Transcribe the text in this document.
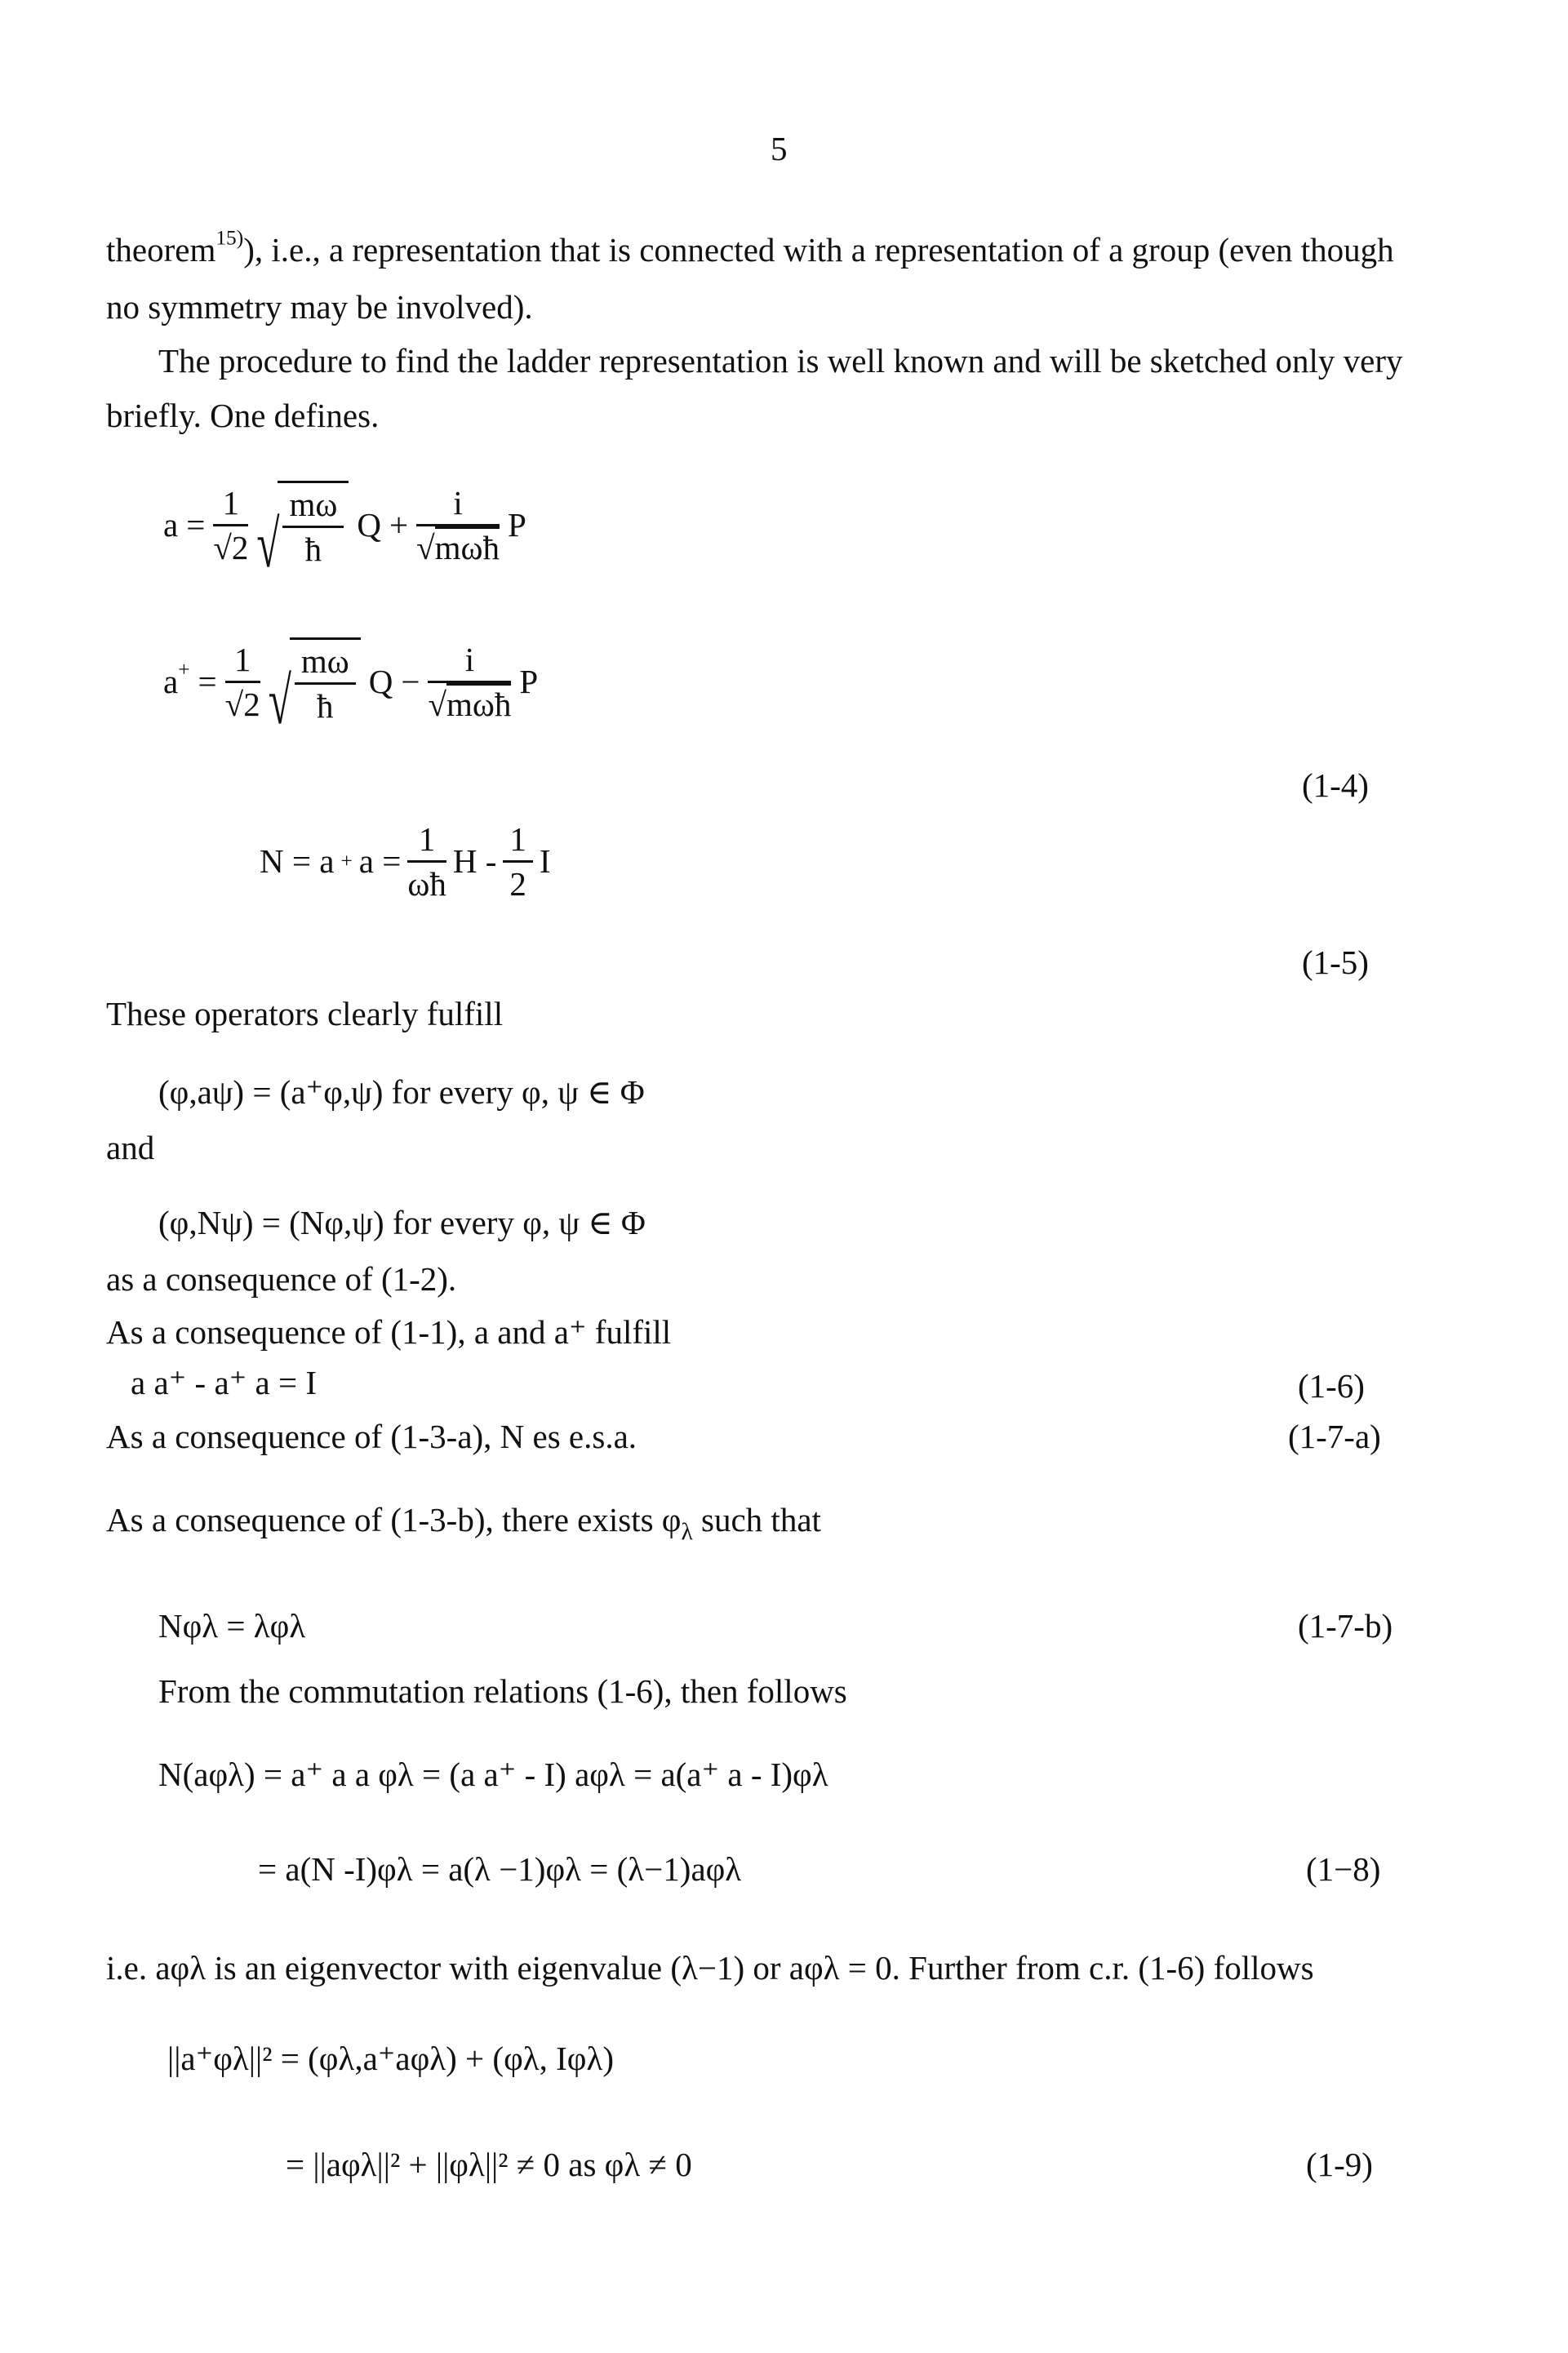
5
theorem$^{15)}$), i.e., a representation that is connected with a representation of a group (even though
no symmetry may be involved).
The procedure to find the ladder representation is well known and will be sketched only very
briefly. One defines.
$a = \frac{1}{√2}$ √ $\frac{m\omega}{ħ}$ $Q + \frac{i}{\text{√mωħ}}$ P
$a^+ = \frac{1}{√2}$ √ $\frac{m\omega}{ħ}$ $Q - \frac{i}{\text{√mωħ}}$ P
(1-4)
$N = a + a = \frac{1}{\omega ħ}$ H - $\frac{1}{2}$ I
(1-5)
These operators clearly fulfill
(φ,aψ) = (a⁺φ,ψ) for every φ, ψ ∈ Φ
and
(φ,Nψ) = (Nφ,ψ) for every φ, ψ ∈ Φ
as a consequence of (1-2).
As a consequence of (1-1), a and a⁺ fulfill
a a⁺ - a⁺ a = I	(1-6)
As a consequence of (1-3-a), N es e.s.a.	(1-7-a)
As a consequence of (1-3-b), there exists $\varphi_\lambda$ such that
Nφλ = λφλ	(1-7-b)
From the commutation relations (1-6), then follows
N(aφλ) = a⁺ a a φλ = (a a⁺ - I) aφλ = a(a⁺ a - I)φλ
= a(N -I)φλ = a(λ −1)φλ = (λ−1)aφλ	(1−8)
i.e. aφλ is an eigenvector with eigenvalue (λ−1) or aφλ = 0. Further from c.r. (1-6) follows
||a⁺φλ||² = (φλ,a⁺aφλ) + (φλ, Iφλ)
= ||aφλ||² + ||φλ||² ≠ 0 as φλ ≠ 0	(1-9)
